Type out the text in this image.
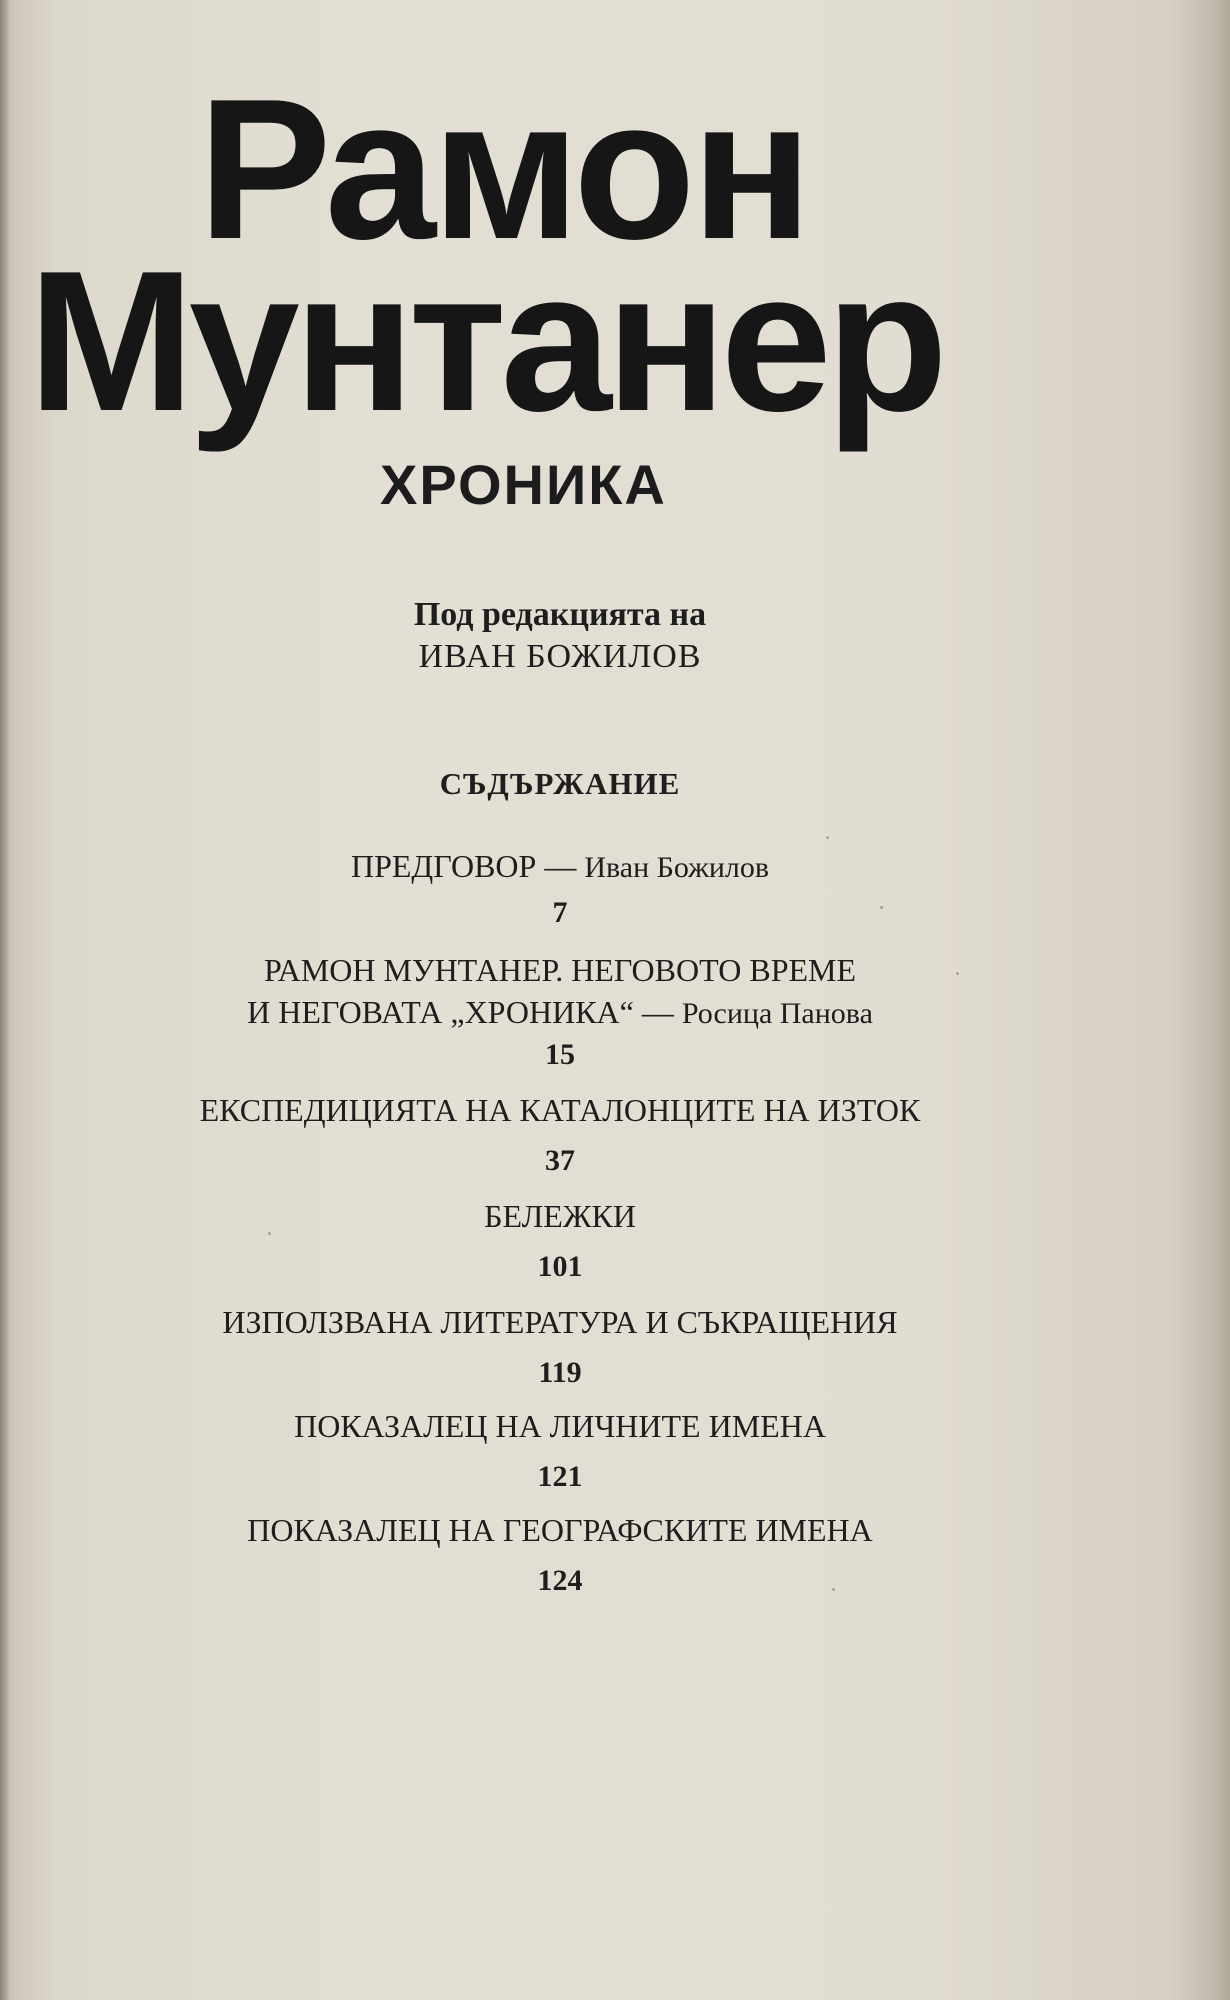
Рамон
Мунтанер
ХРОНИКА
Под редакцията на
ИВАН БОЖИЛОВ
СЪДЪРЖАНИЕ
ПРЕДГОВОР — Иван Божилов
7
РАМОН МУНТАНЕР. НЕГОВОТО ВРЕМЕ
И НЕГОВАТА „ХРОНИКА“ — Росица Панова
15
ЕКСПЕДИЦИЯТА НА КАТАЛОНЦИТЕ НА ИЗТОК
37
БЕЛЕЖКИ
101
ИЗПОЛЗВАНА ЛИТЕРАТУРА И СЪКРАЩЕНИЯ
119
ПОКАЗАЛЕЦ НА ЛИЧНИТЕ ИМЕНА
121
ПОКАЗАЛЕЦ НА ГЕОГРАФСКИТЕ ИМЕНА
124
